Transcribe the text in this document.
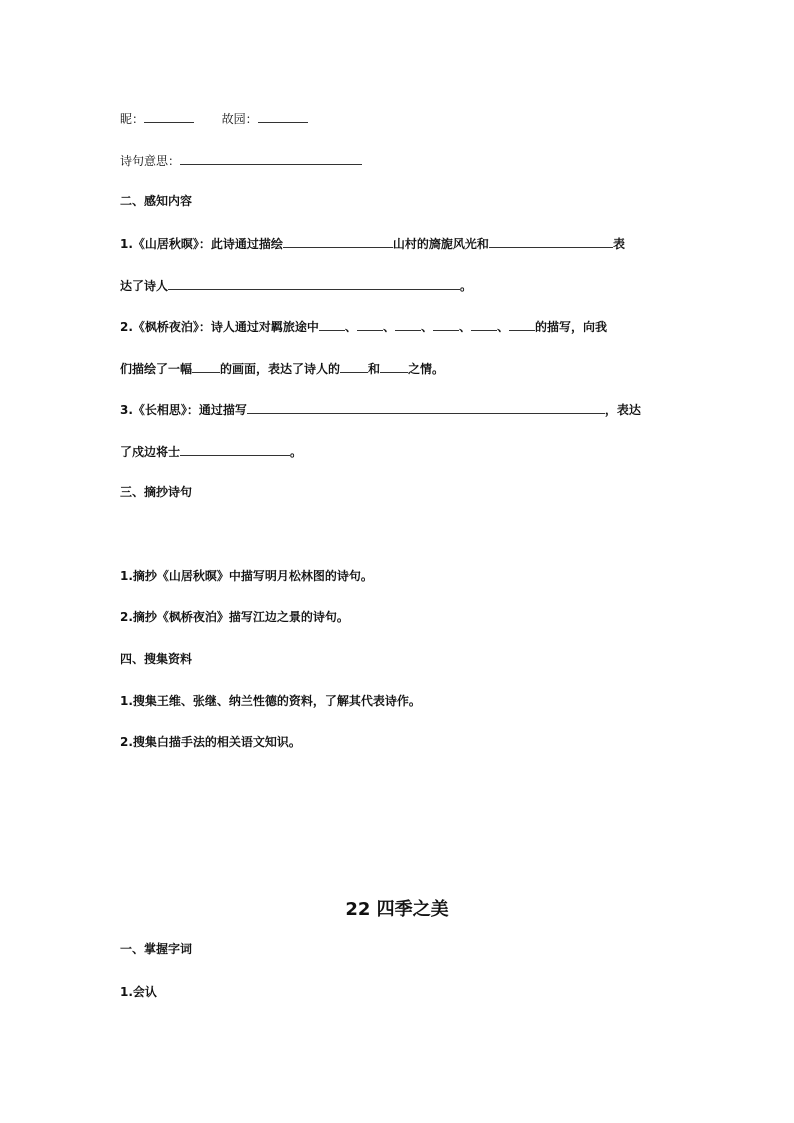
眤：	故园：
诗句意思：
二、感知内容
1.《山居秋暝》：此诗通过描绘	山村的旖旎风光和	表
达了诗人	。
2.《枫桥夜泊》：诗人通过对羁旅途中 、 、 、 、 、 的描写，向我
们描绘了一幅 的画面，表达了诗人的 和 之情。
3.《长相思》：通过描写	，表达
了戍边将士	。
三、摘抄诗句
1.摘抄《山居秋暝》中描写明月松林图的诗句。
2.摘抄《枫桥夜泊》描写江边之景的诗句。
四、搜集资料
1.搜集王维、张继、纳兰性德的资料，了解其代表诗作。
2.搜集白描手法的相关语文知识。
22 四季之美
一、掌握字词
1.会认
